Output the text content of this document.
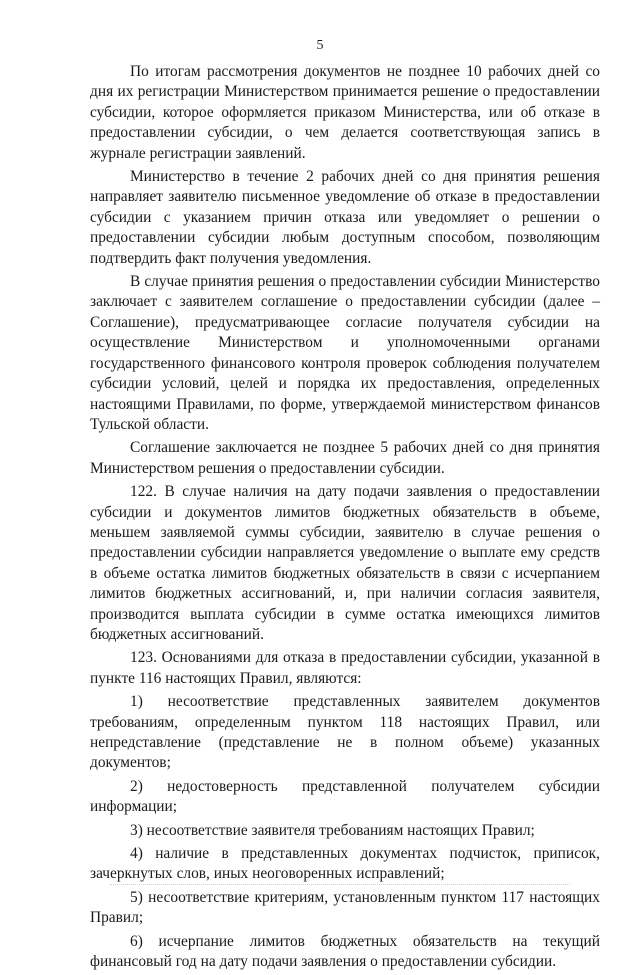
5

По итогам рассмотрения документов не позднее 10 рабочих дней со дня их регистрации Министерством принимается решение о предоставлении субсидии, которое оформляется приказом Министерства, или об отказе в предоставлении субсидии, о чем делается соответствующая запись в журнале регистрации заявлений.

Министерство в течение 2 рабочих дней со дня принятия решения направляет заявителю письменное уведомление об отказе в предоставлении субсидии с указанием причин отказа или уведомляет о решении о предоставлении субсидии любым доступным способом, позволяющим подтвердить факт получения уведомления.

В случае принятия решения о предоставлении субсидии Министерство заключает с заявителем соглашение о предоставлении субсидии (далее – Соглашение), предусматривающее согласие получателя субсидии на осуществление Министерством и уполномоченными органами государственного финансового контроля проверок соблюдения получателем субсидии условий, целей и порядка их предоставления, определенных настоящими Правилами, по форме, утверждаемой министерством финансов Тульской области.

Соглашение заключается не позднее 5 рабочих дней со дня принятия Министерством решения о предоставлении субсидии.

122. В случае наличия на дату подачи заявления о предоставлении субсидии и документов лимитов бюджетных обязательств в объеме, меньшем заявляемой суммы субсидии, заявителю в случае решения о предоставлении субсидии направляется уведомление о выплате ему средств в объеме остатка лимитов бюджетных обязательств в связи с исчерпанием лимитов бюджетных ассигнований, и, при наличии согласия заявителя, производится выплата субсидии в сумме остатка имеющихся лимитов бюджетных ассигнований.

123. Основаниями для отказа в предоставлении субсидии, указанной в пункте 116 настоящих Правил, являются:

1) несоответствие представленных заявителем документов требованиям, определенным пунктом 118 настоящих Правил, или непредставление (представление не в полном объеме) указанных документов;

2) недостоверность представленной получателем субсидии информации;

3) несоответствие заявителя требованиям настоящих Правил;

4) наличие в представленных документах подчисток, приписок, зачеркнутых слов, иных неоговоренных исправлений;

5) несоответствие критериям, установленным пунктом 117 настоящих Правил;

6) исчерпание лимитов бюджетных обязательств на текущий финансовый год на дату подачи заявления о предоставлении субсидии.
